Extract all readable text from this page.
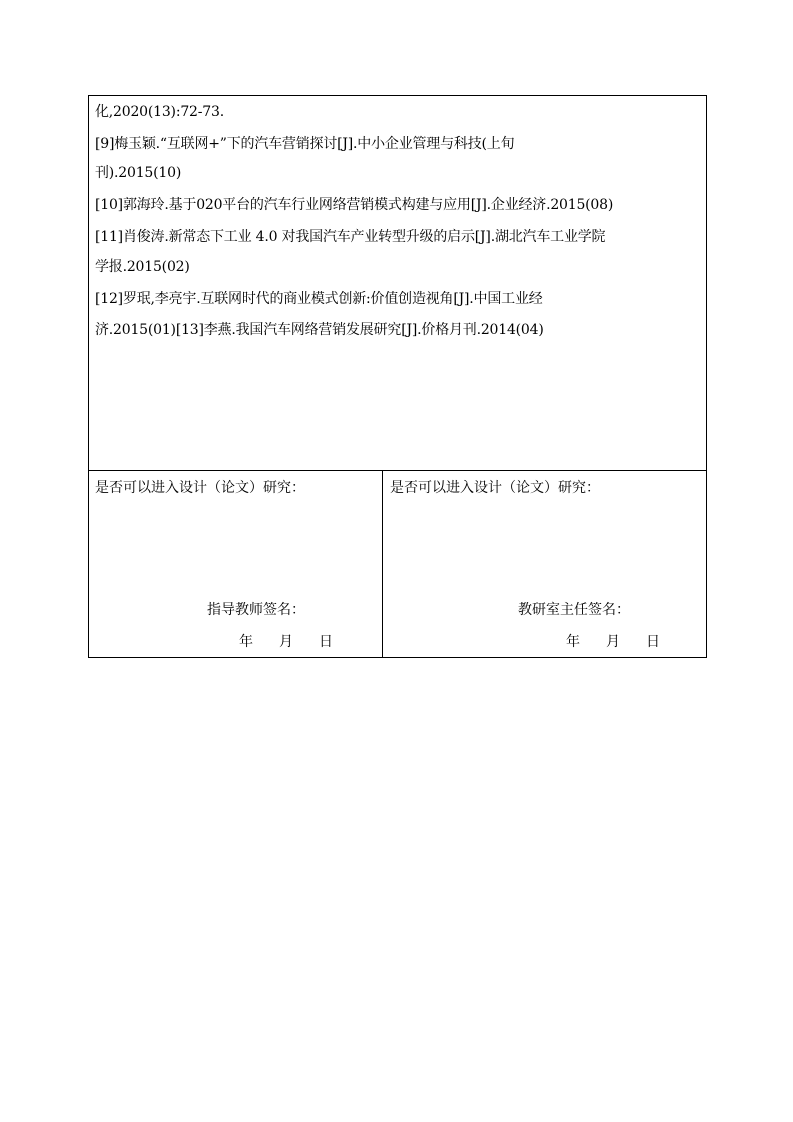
化,2020(13):72-73.
[9]梅玉颖.“互联网+”下的汽车营销探讨[J].中小企业管理与科技(上旬
刊).2015(10)
[10]郭海玲.基于020平台的汽车行业网络营销模式构建与应用[J].企业经济.2015(08)
[11]肖俊涛.新常态下工业 4.0 对我国汽车产业转型升级的启示[J].湖北汽车工业学院
学报.2015(02)
[12]罗珉,李亮宇.互联网时代的商业模式创新:价值创造视角[J].中国工业经
济.2015(01)[13]李燕.我国汽车网络营销发展研究[J].价格月刊.2014(04)
是否可以进入设计（论文）研究：
指导教师签名：
年 月 日
是否可以进入设计（论文）研究：
教研室主任签名：
年 月 日
